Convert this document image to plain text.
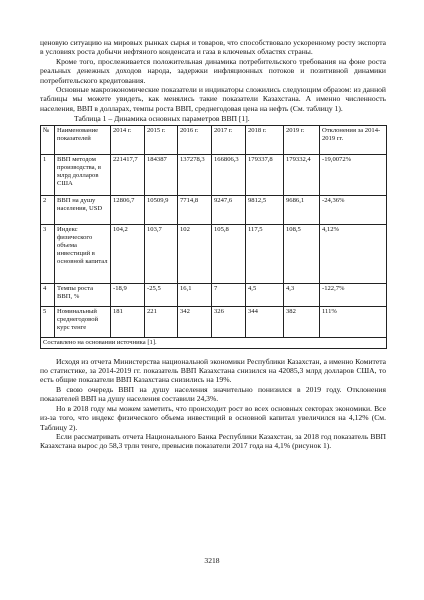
ценовую ситуацию на мировых рынках сырья и товаров, что способствовало ускоренному росту экспорта в условиях роста добычи нефтяного конденсата и газа в ключевых областях страны.

Кроме того, прослеживается положительная динамика потребительского требования на фоне роста реальных денежных доходов народа, задержки инфляционных потоков и позитивной динамики потребительского кредитования.

Основные макроэкономические показатели и индикаторы сложились следующим образом: из данной таблицы мы можете увидеть, как менялись такие показатели Казахстана. А именно численность населения, ВВП в долларах, темпы роста ВВП, среднегодовая цена на нефть (См. таблицу 1).

Таблица 1 – Динамика основных параметров ВВП [1].
№	Наименование показателей	2014 г.	2015 г.	2016 г.	2017 г.	2018 г.	2019 г.	Отклонения за 2014-2019 гг.
1	ВВП методом производства, в млрд долларов США	221417,7	184387	137278,3	166806,3	179337,8	179332,4	-19,0072%
2	ВВП на душу населения, USD	12806,7	10509,9	7714,8	9247,6	9812,5	9686,1	-24,36%
3	Индекс физического объема инвестиций в основной капитал	104,2	103,7	102	105,8	117,5	108,5	4,12%
4	Темпы роста ВВП, %	-18,9	-25,5	16,1	7	4,5	4,3	-122,7%
5	Номинальный среднегодовой курс тенге	181	221	342	326	344	382	111%
Составлено на основании источника [1].								

Исходя из отчета Министерства национальной экономики Республики Казахстан, а именно Комитета по статистике, за 2014-2019 гг. показатель ВВП Казахстана снизился на 42085,3 млрд долларов США, то есть общие показатели ВВП Казахстана снизились на 19%.

В свою очередь ВВП на душу населения значительно понизился в 2019 году. Отклонения показателей ВВП на душу населения составили 24,3%.

Но в 2018 году мы можем заметить, что происходит рост во всех основных секторах экономики. Все из-за того, что индекс физического объема инвестиций в основной капитал увеличился на 4,12% (См. Таблицу 2).

Если рассматривать отчета Национального Банка Республики Казахстан, за 2018 год показатель ВВП Казахстана вырос до 58,3 трлн тенге, превысив показатели 2017 года на 4,1% (рисунок 1).

3218
